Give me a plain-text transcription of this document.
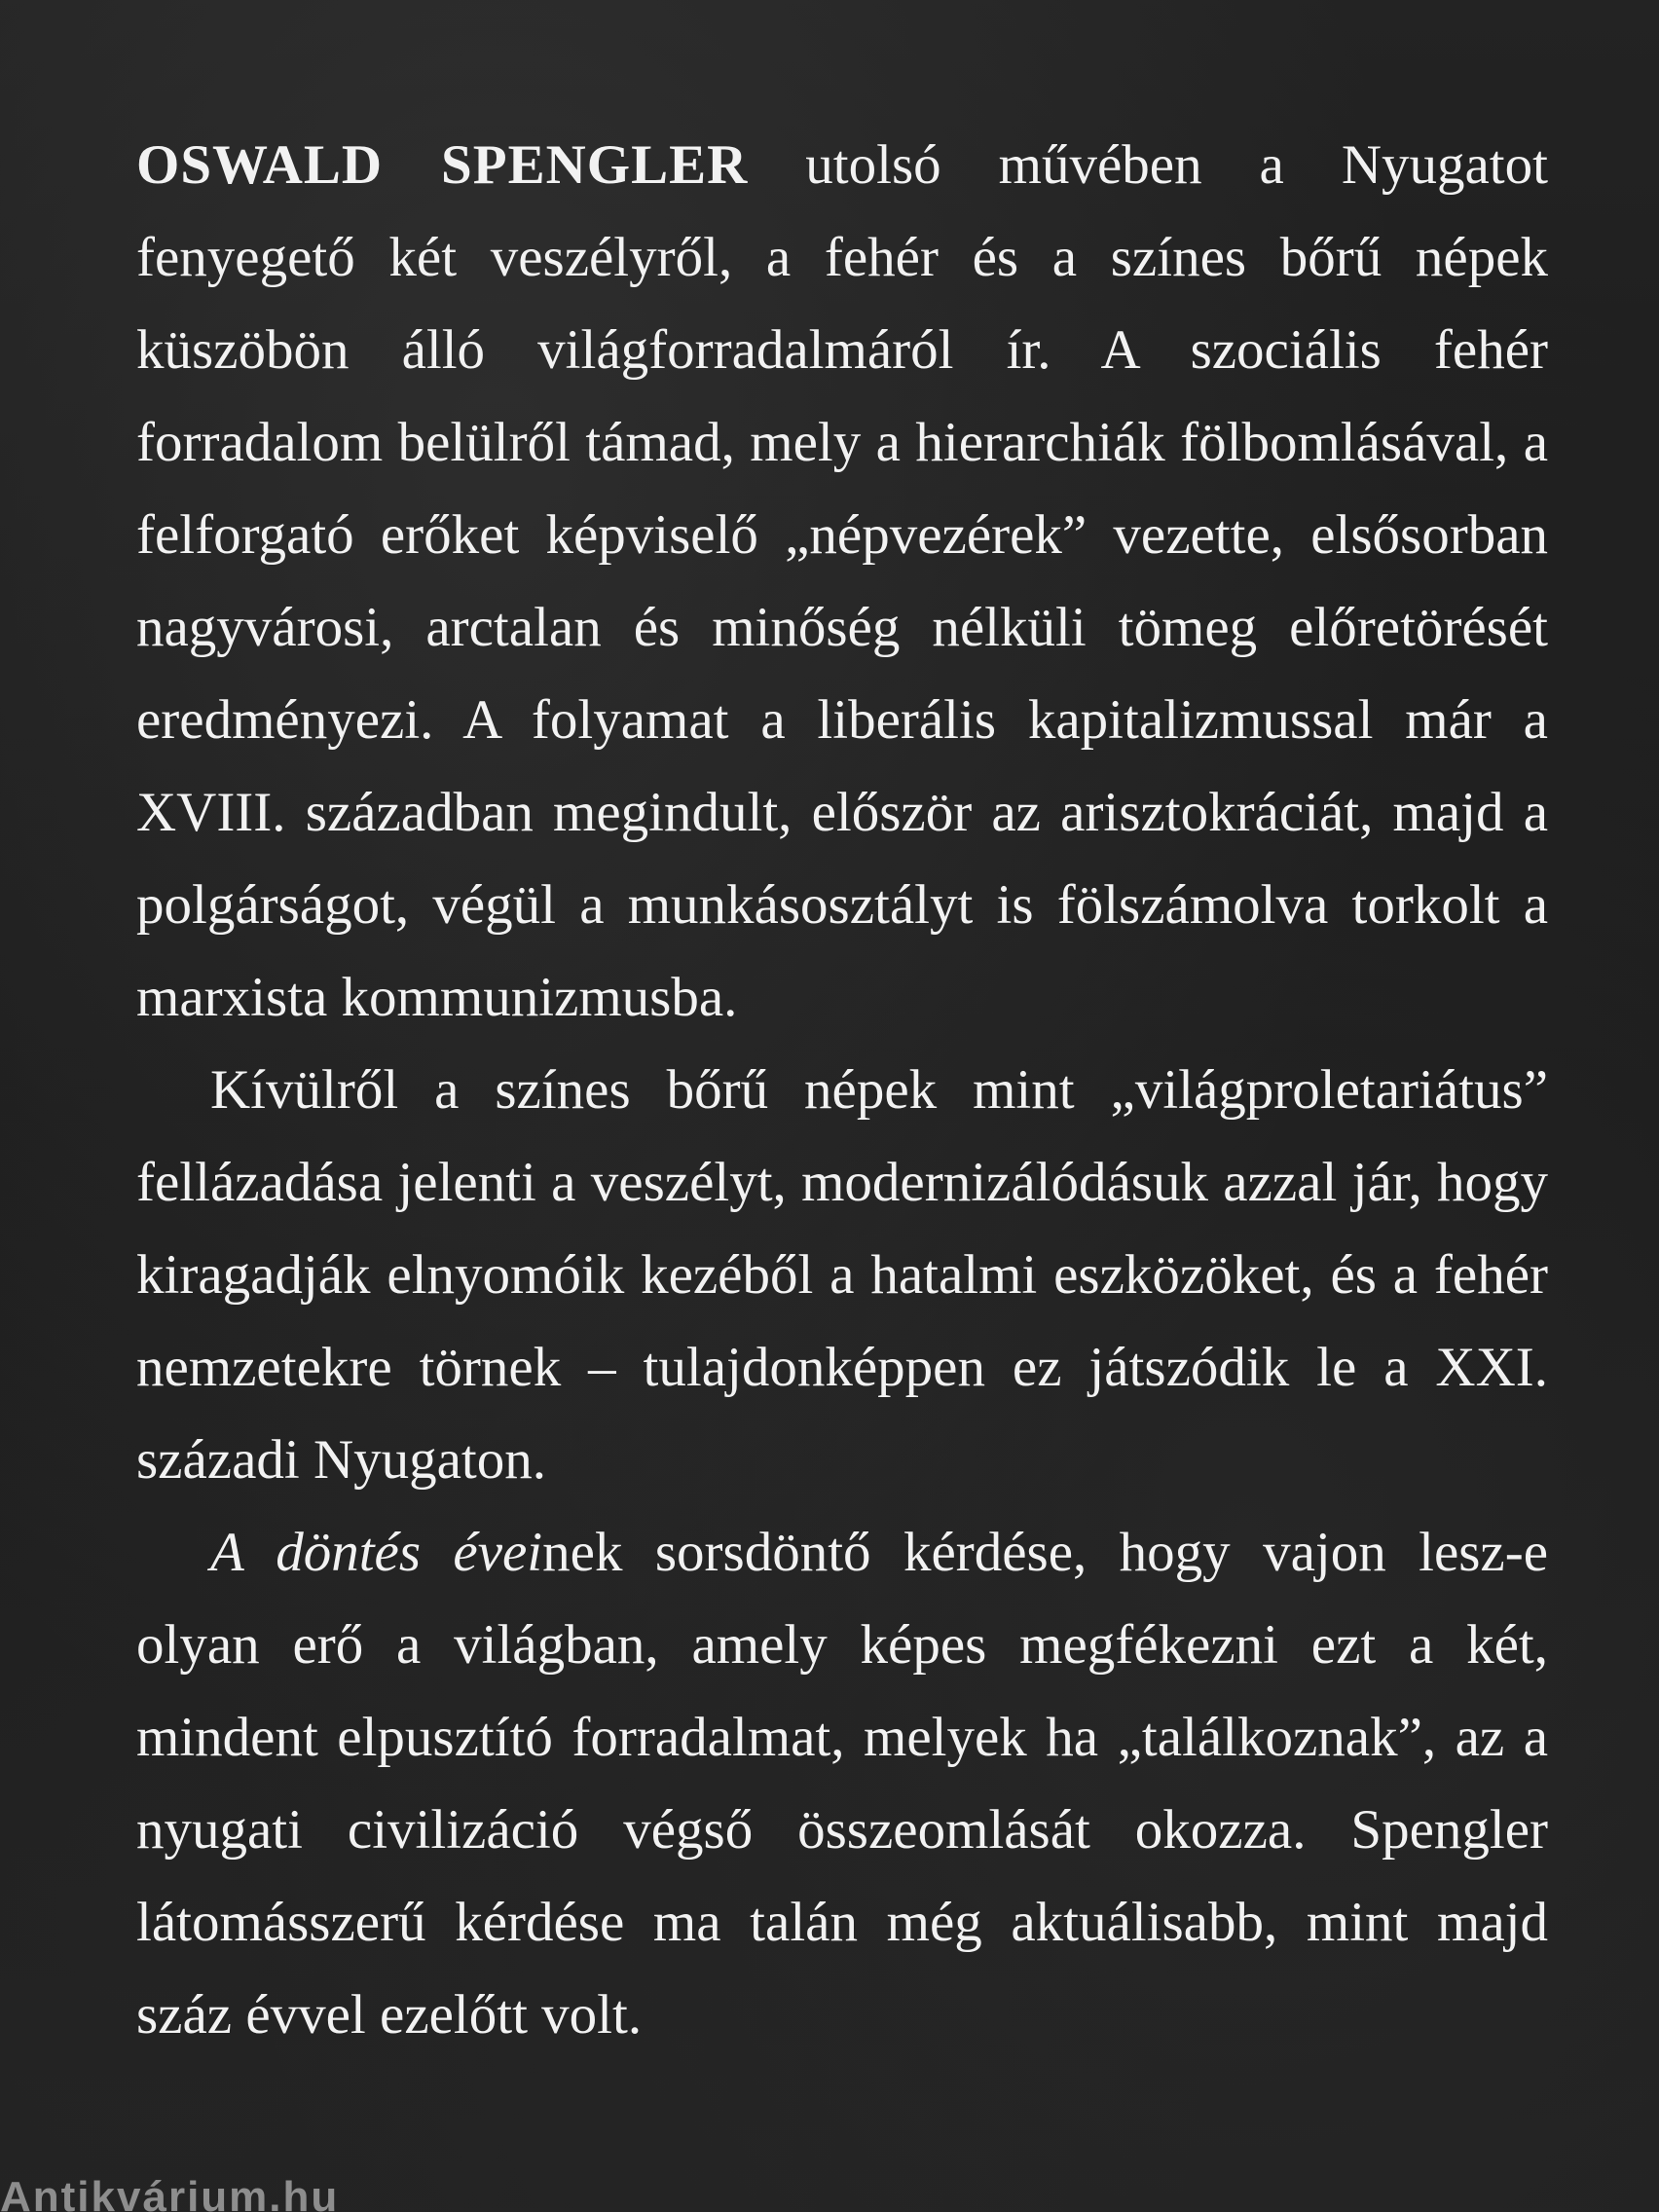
OSWALD SPENGLER utolsó művében a Nyugatot fenyegető két veszélyről, a fehér és a színes bőrű népek küszöbön álló világforradalmáról ír. A szociális fehér forradalom belülről támad, mely a hierarchiák fölbomlásával, a felforgató erőket képviselő „népvezérek” vezette, elsősorban nagyvárosi, arctalan és minőség nélküli tömeg előretörését eredményezi. A folyamat a liberális kapitalizmussal már a XVIII. században megindult, először az arisztokráciát, majd a polgárságot, végül a munkásosztályt is fölszámolva torkolt a marxista kommunizmusba.

Kívülről a színes bőrű népek mint „világproletariátus” fellázadása jelenti a veszélyt, modernizálódásuk azzal jár, hogy kiragadják elnyomóik kezéből a hatalmi eszközöket, és a fehér nemzetekre törnek – tulajdonképpen ez játszódik le a XXI. századi Nyugaton.

A döntés éveinek sorsdöntő kérdése, hogy vajon lesz-e olyan erő a világban, amely képes megfékezni ezt a két, mindent elpusztító forradalmat, melyek ha „találkoznak”, az a nyugati civilizáció végső összeomlását okozza. Spengler látomásszerű kérdése ma talán még aktuálisabb, mint majd száz évvel ezelőtt volt.

Antikvárium.hu
